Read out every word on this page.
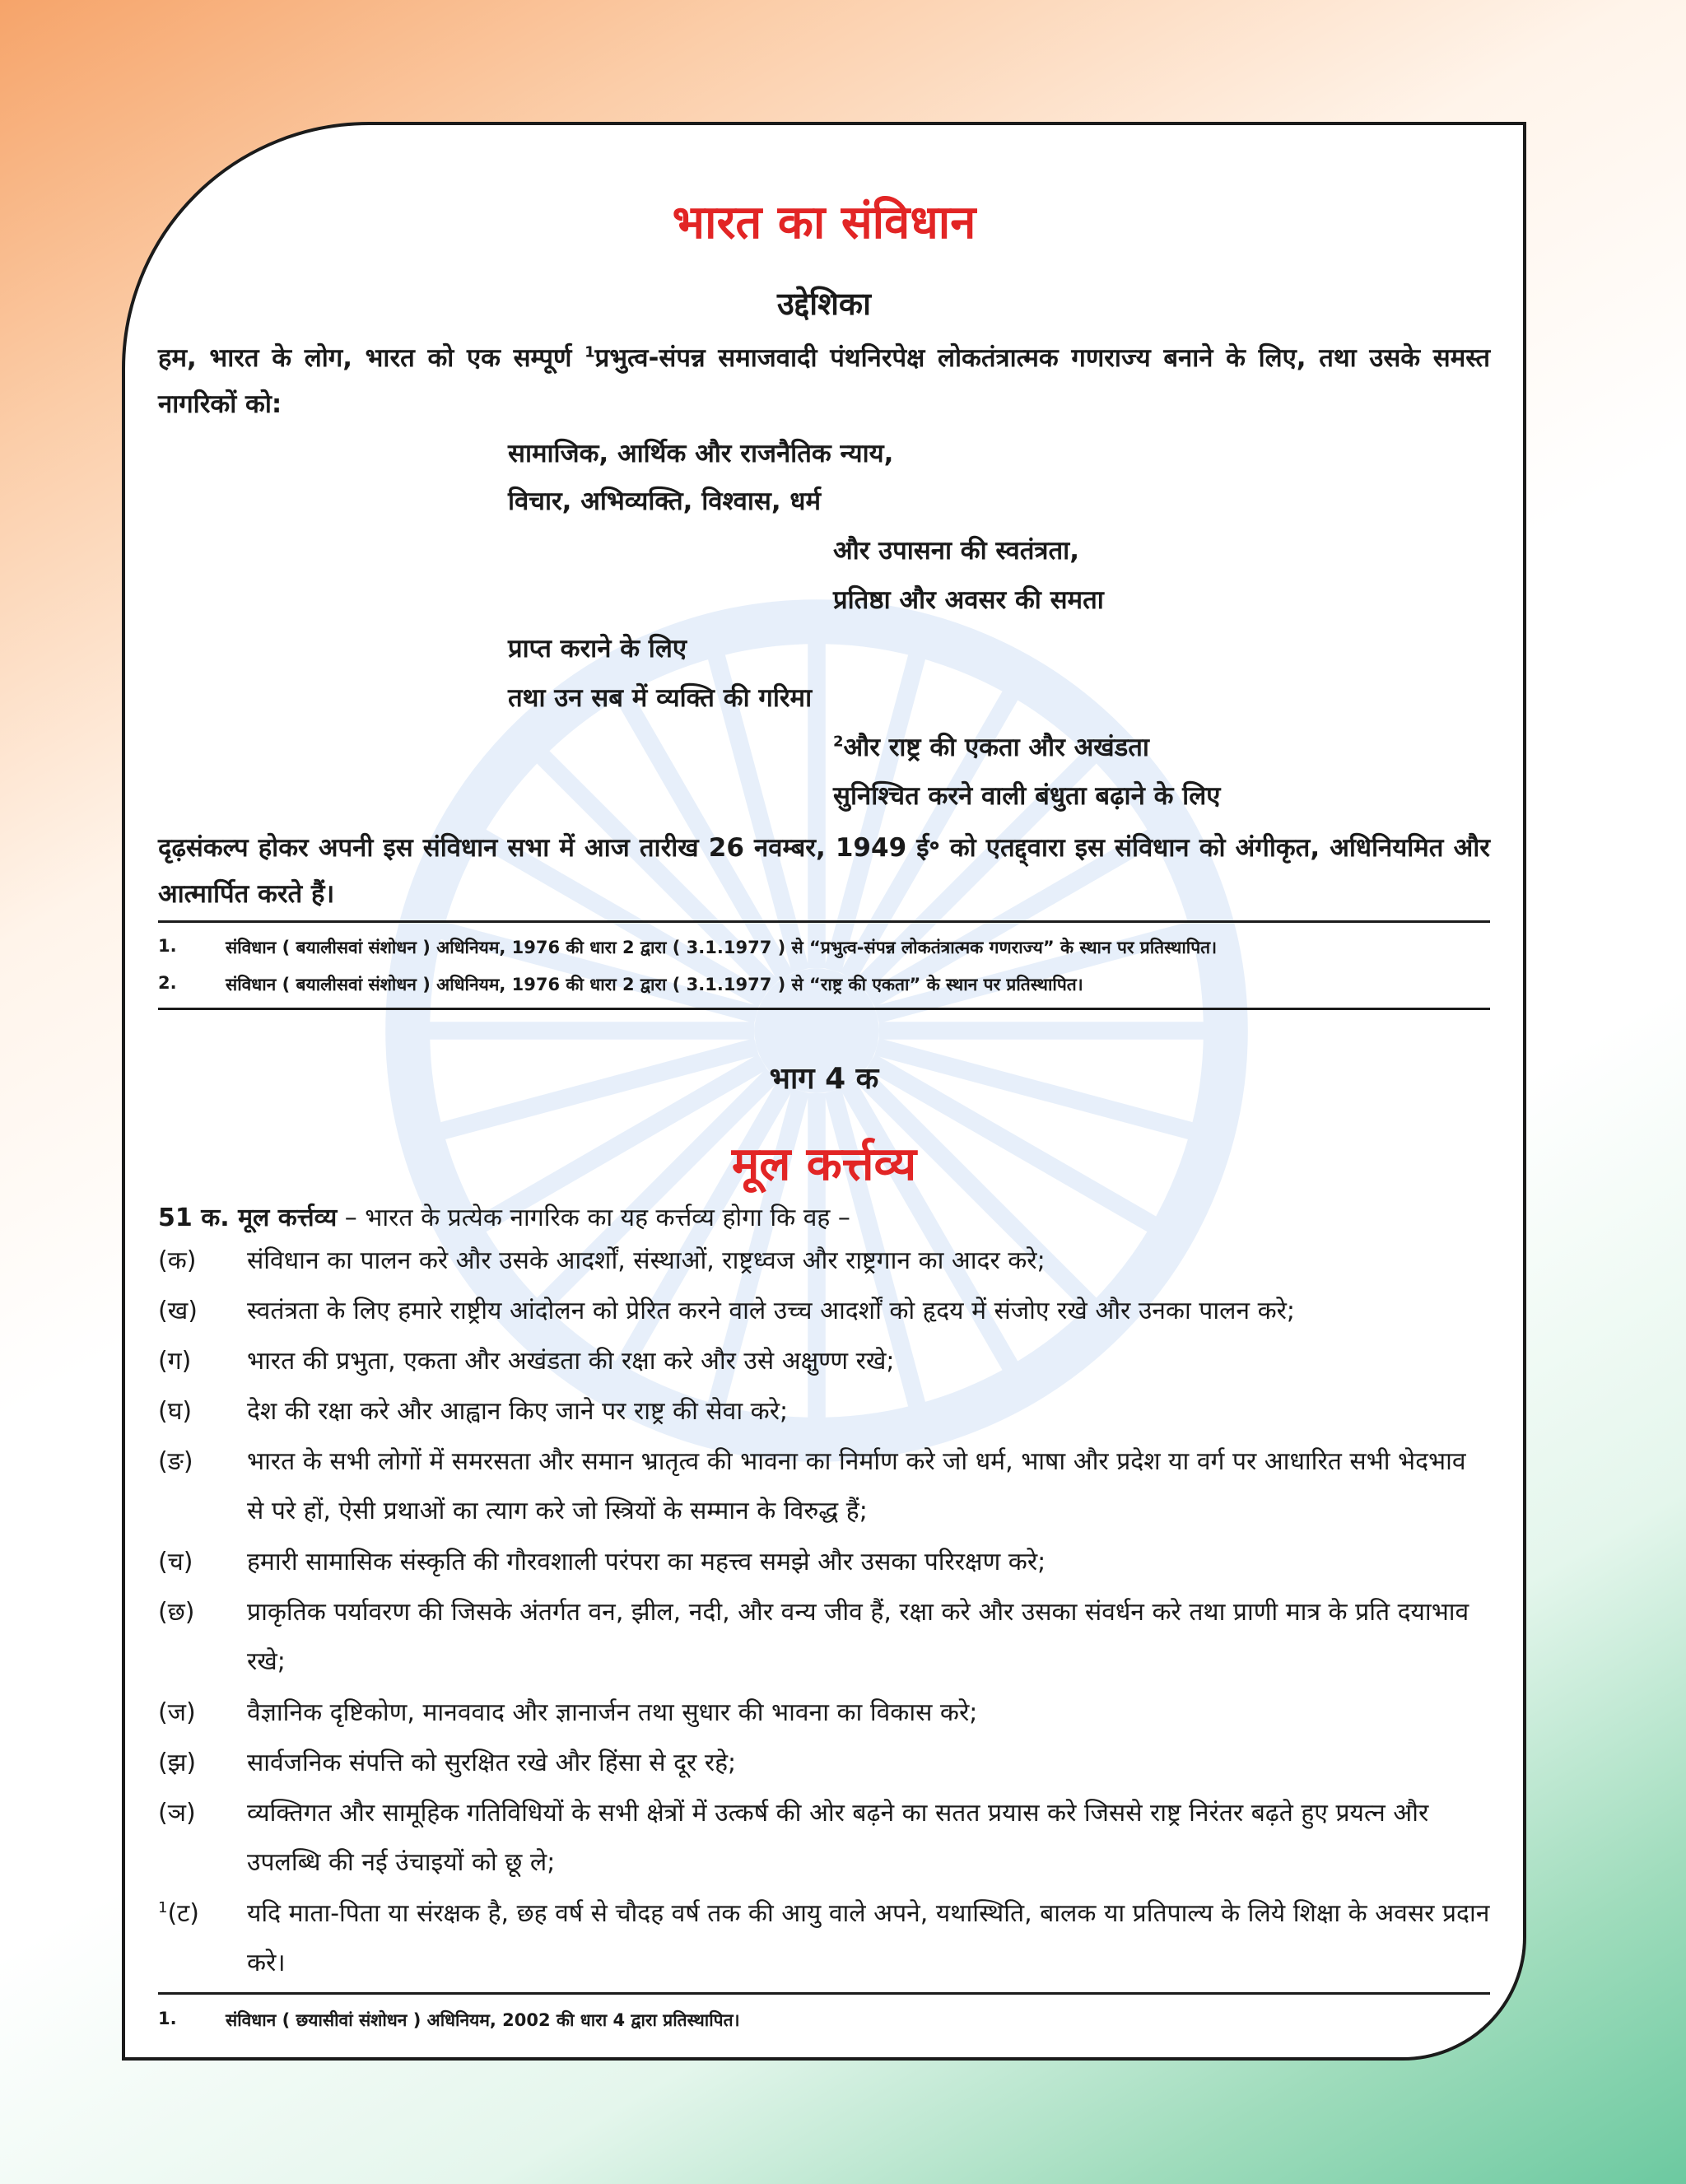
भारत का संविधान
उद्देशिका
हम, भारत के लोग, भारत को एक सम्पूर्ण $^1$प्रभुत्व-संपन्न समाजवादी पंथनिरपेक्ष लोकतंत्रात्मक गणराज्य बनाने के लिए, तथा उसके समस्त नागरिकों को:
सामाजिक, आर्थिक और राजनैतिक न्याय,
विचार, अभिव्यक्ति, विश्वास, धर्म
और उपासना की स्वतंत्रता,
प्रतिष्ठा और अवसर की समता
प्राप्त कराने के लिए
तथा उन सब में व्यक्ति की गरिमा
$^2$और राष्ट्र की एकता और अखंडता
सुनिश्चित करने वाली बंधुता बढ़ाने के लिए
दृढ़संकल्प होकर अपनी इस संविधान सभा में आज तारीख 26 नवम्बर, 1949 ई॰ को एतद्द्वारा इस संविधान को अंगीकृत, अधिनियमित और आत्मार्पित करते हैं।
1.	संविधान ( बयालीसवां संशोधन ) अधिनियम, 1976 की धारा 2 द्वारा ( 3.1.1977 ) से “प्रभुत्व-संपन्न लोकतंत्रात्मक गणराज्य” के स्थान पर प्रतिस्थापित।
2.	संविधान ( बयालीसवां संशोधन ) अधिनियम, 1976 की धारा 2 द्वारा ( 3.1.1977 ) से “राष्ट्र की एकता” के स्थान पर प्रतिस्थापित।
भाग 4 क
मूल कर्त्तव्य
51 क. मूल कर्त्तव्य – भारत के प्रत्येक नागरिक का यह कर्त्तव्य होगा कि वह –
(क) संविधान का पालन करे और उसके आदर्शों, संस्थाओं, राष्ट्रध्वज और राष्ट्रगान का आदर करे;
(ख) स्वतंत्रता के लिए हमारे राष्ट्रीय आंदोलन को प्रेरित करने वाले उच्च आदर्शों को हृदय में संजोए रखे और उनका पालन करे;
(ग) भारत की प्रभुता, एकता और अखंडता की रक्षा करे और उसे अक्षुण्ण रखे;
(घ) देश की रक्षा करे और आह्वान किए जाने पर राष्ट्र की सेवा करे;
(ङ) भारत के सभी लोगों में समरसता और समान भ्रातृत्व की भावना का निर्माण करे जो धर्म, भाषा और प्रदेश या वर्ग पर आधारित सभी भेदभाव से परे हों, ऐसी प्रथाओं का त्याग करे जो स्त्रियों के सम्मान के विरुद्ध हैं;
(च) हमारी सामासिक संस्कृति की गौरवशाली परंपरा का महत्त्व समझे और उसका परिरक्षण करे;
(छ) प्राकृतिक पर्यावरण की जिसके अंतर्गत वन, झील, नदी, और वन्य जीव हैं, रक्षा करे और उसका संवर्धन करे तथा प्राणी मात्र के प्रति दयाभाव रखे;
(ज) वैज्ञानिक दृष्टिकोण, मानववाद और ज्ञानार्जन तथा सुधार की भावना का विकास करे;
(झ) सार्वजनिक संपत्ति को सुरक्षित रखे और हिंसा से दूर रहे;
(ञ) व्यक्तिगत और सामूहिक गतिविधियों के सभी क्षेत्रों में उत्कर्ष की ओर बढ़ने का सतत प्रयास करे जिससे राष्ट्र निरंतर बढ़ते हुए प्रयत्न और उपलब्धि की नई उंचाइयों को छू ले;
$^1$(ट) यदि माता-पिता या संरक्षक है, छह वर्ष से चौदह वर्ष तक की आयु वाले अपने, यथास्थिति, बालक या प्रतिपाल्य के लिये शिक्षा के अवसर प्रदान करे।
1.	संविधान ( छयासीवां संशोधन ) अधिनियम, 2002 की धारा 4 द्वारा प्रतिस्थापित।
